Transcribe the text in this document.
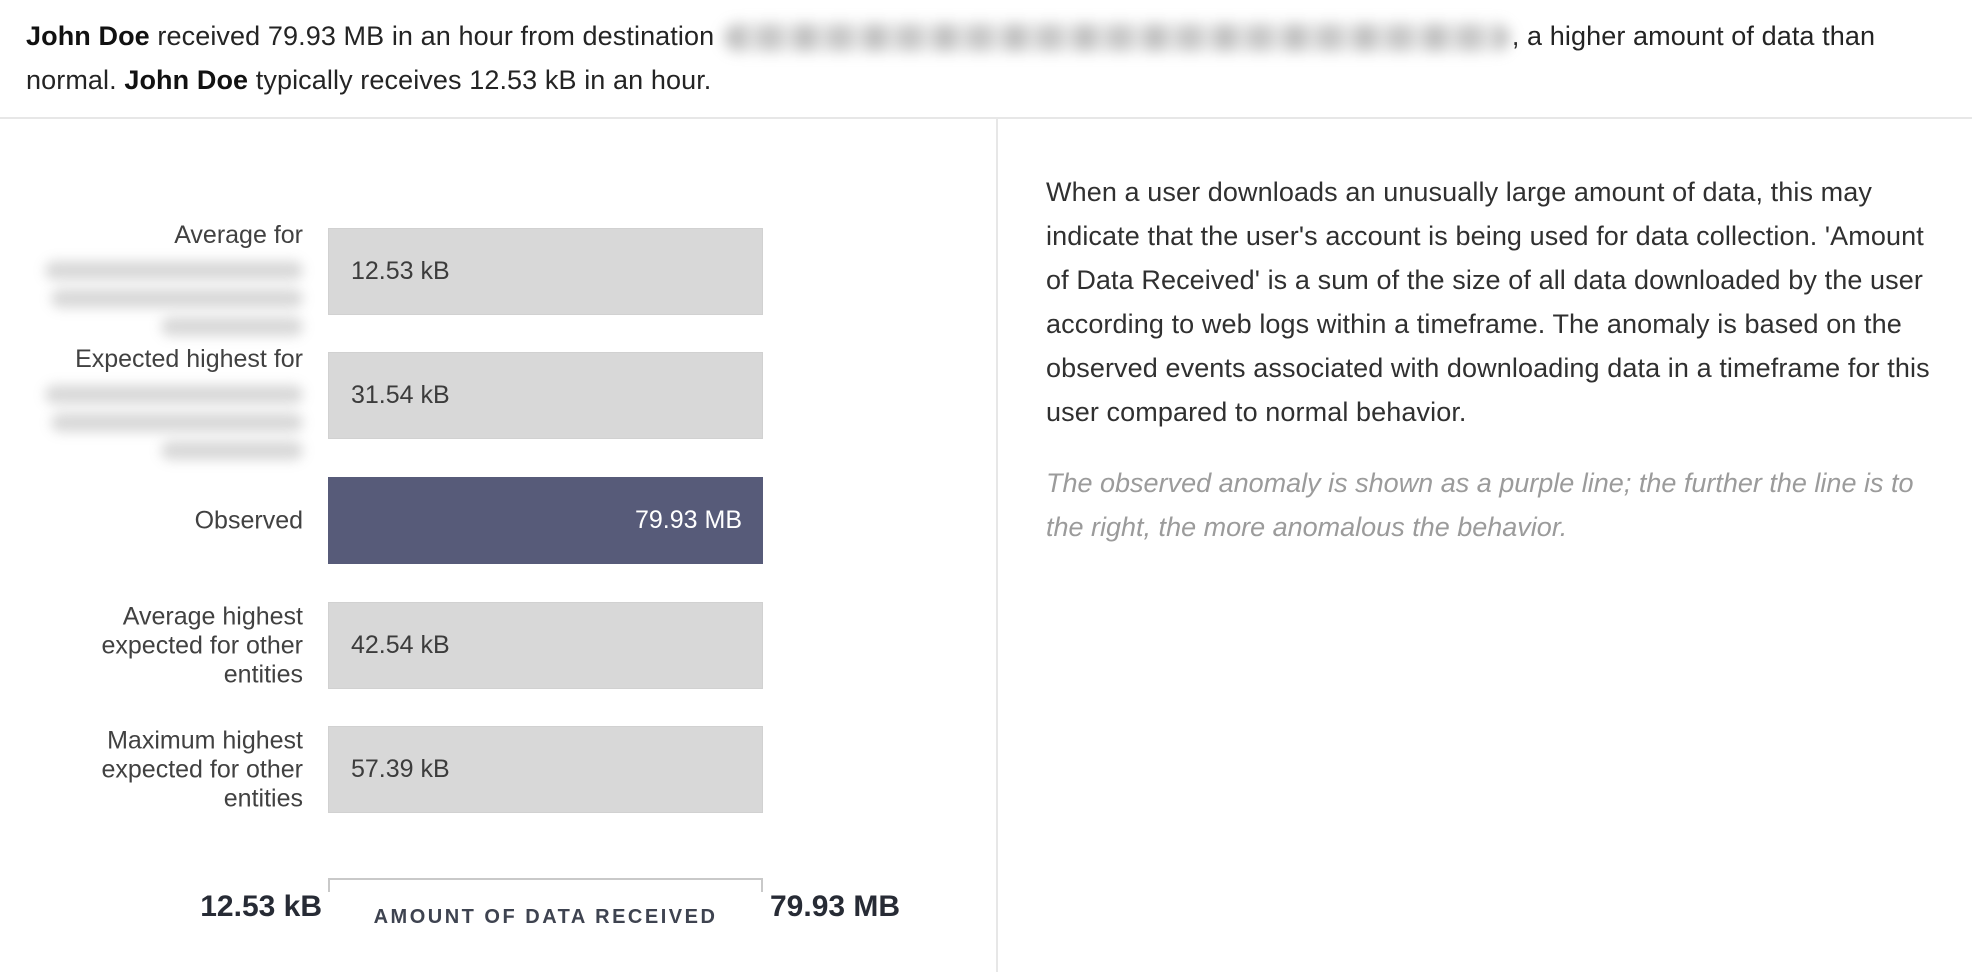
John Doe received 79.93 MB in an hour from destination	, a higher amount of data than
normal. John Doe typically receives 12.53 kB in an hour.
Average for
12.53 kB
Expected highest for
31.54 kB
Observed	79.93 MB
Average highest expected for other entities
42.54 kB
Maximum highest expected for other entities
57.39 kB
12.53 kB	79.93 MB
AMOUNT OF DATA RECEIVED
When a user downloads an unusually large amount of data, this may indicate that the user's account is being used for data collection. 'Amount of Data Received' is a sum of the size of all data downloaded by the user according to web logs within a timeframe. The anomaly is based on the observed events associated with downloading data in a timeframe for this user compared to normal behavior.
The observed anomaly is shown as a purple line; the further the line is to the right, the more anomalous the behavior.
